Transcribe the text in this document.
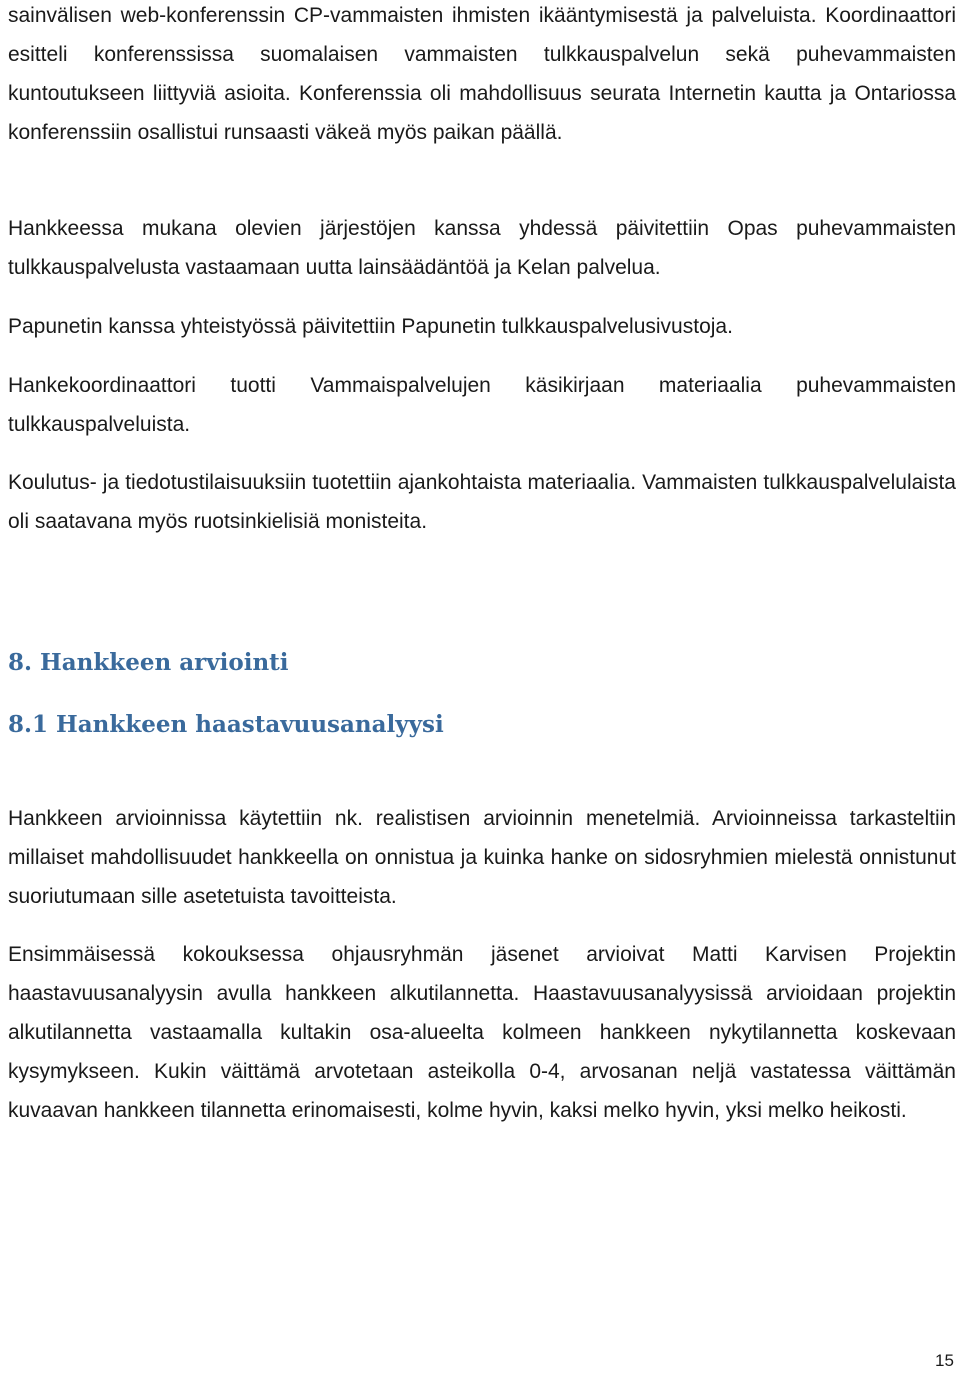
sainvälisen web-konferenssin CP-vammaisten ihmisten ikääntymisestä ja palveluista. Koordinaattori esitteli konferenssissa suomalaisen vammaisten tulkkauspalvelun sekä puhevammaisten kuntoutukseen liittyviä asioita. Konferenssia oli mahdollisuus seurata Internetin kautta ja Ontariossa konferenssiin osallistui runsaasti väkeä myös paikan päällä.

Hankkeessa mukana olevien järjestöjen kanssa yhdessä päivitettiin Opas puhevammaisten tulkkauspalvelusta vastaamaan uutta lainsäädäntöä ja Kelan palvelua.

Papunetin kanssa yhteistyössä päivitettiin Papunetin tulkkauspalvelusivustoja.

Hankekoordinaattori tuotti Vammaispalvelujen käsikirjaan materiaalia puhevammaisten tulkkauspalveluista.

Koulutus- ja tiedotustilaisuuksiin tuotettiin ajankohtaista materiaalia. Vammaisten tulkkauspalvelulaista oli saatavana myös ruotsinkielisiä monisteita.

8. Hankkeen arviointi
8.1 Hankkeen haastavuusanalyysi

Hankkeen arvioinnissa käytettiin nk. realistisen arvioinnin menetelmiä. Arvioinneissa tarkasteltiin millaiset mahdollisuudet hankkeella on onnistua ja kuinka hanke on sidosryhmien mielestä onnistunut suoriutumaan sille asetetuista tavoitteista.

Ensimmäisessä kokouksessa ohjausryhmän jäsenet arvioivat Matti Karvisen Projektin haastavuusanalyysin avulla hankkeen alkutilannetta. Haastavuusanalyysissä arvioidaan projektin alkutilannetta vastaamalla kultakin osa-alueelta kolmeen hankkeen nykytilannetta koskevaan kysymykseen. Kukin väittämä arvotetaan asteikolla 0-4, arvosanan neljä vastatessa väittämän kuvaavan hankkeen tilannetta erinomaisesti, kolme hyvin, kaksi melko hyvin, yksi melko heikosti.

15
